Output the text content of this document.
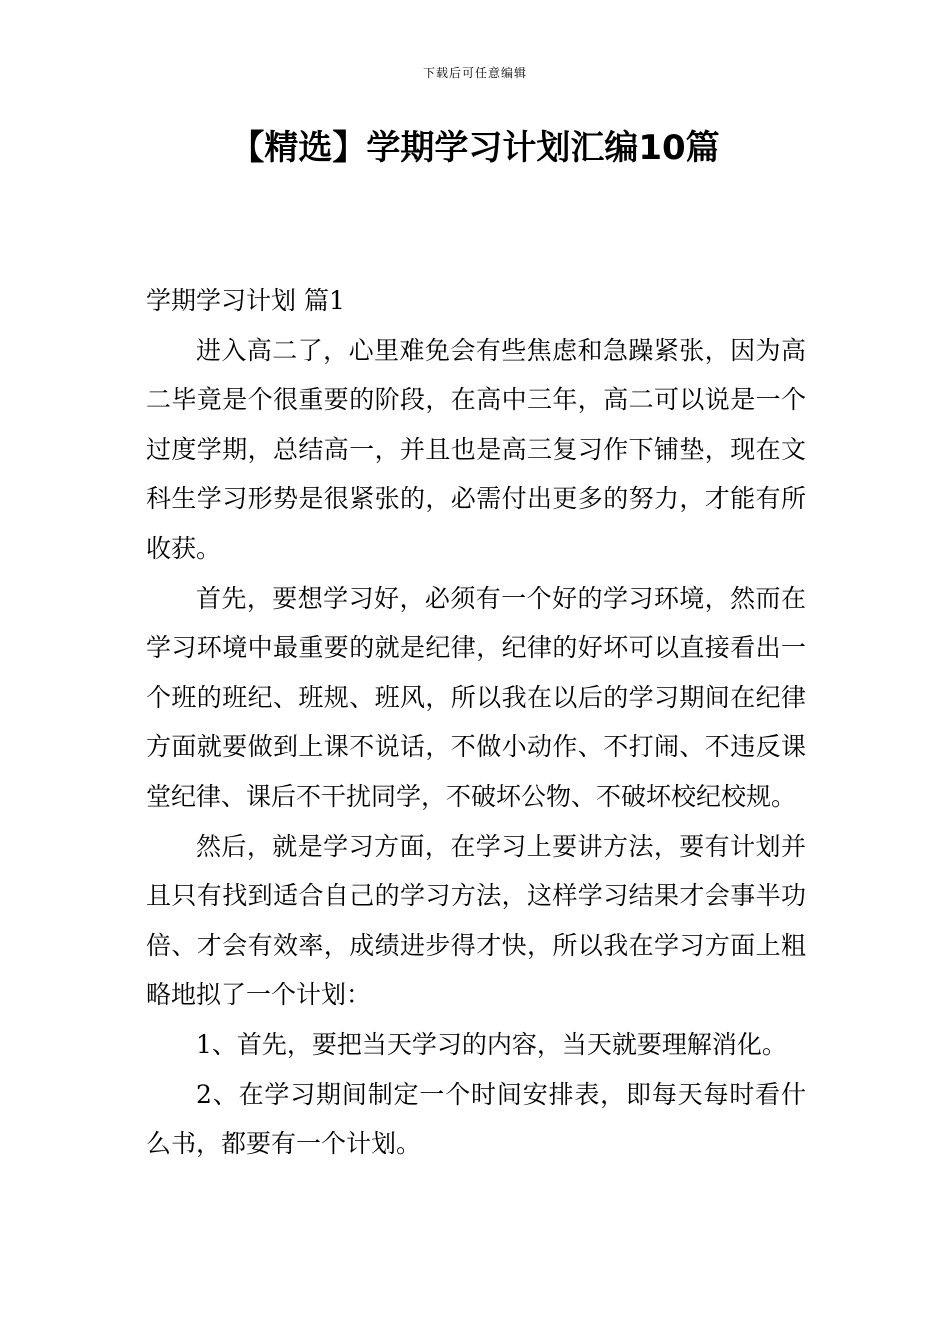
下载后可任意编辑
【精选】学期学习计划汇编10篇
学期学习计划 篇1

进入高二了，心里难免会有些焦虑和急躁紧张，因为高二毕竟是个很重要的阶段，在高中三年，高二可以说是一个过度学期，总结高一，并且也是高三复习作下铺垫，现在文科生学习形势是很紧张的，必需付出更多的努力，才能有所收获。

首先，要想学习好，必须有一个好的学习环境，然而在学习环境中最重要的就是纪律，纪律的好坏可以直接看出一个班的班纪、班规、班风，所以我在以后的学习期间在纪律方面就要做到上课不说话，不做小动作、不打闹、不违反课堂纪律、课后不干扰同学，不破坏公物、不破坏校纪校规。

然后，就是学习方面，在学习上要讲方法，要有计划并且只有找到适合自己的学习方法，这样学习结果才会事半功倍、才会有效率，成绩进步得才快，所以我在学习方面上粗略地拟了一个计划：

1、首先，要把当天学习的内容，当天就要理解消化。

2、在学习期间制定一个时间安排表，即每天每时看什么书，都要有一个计划。
